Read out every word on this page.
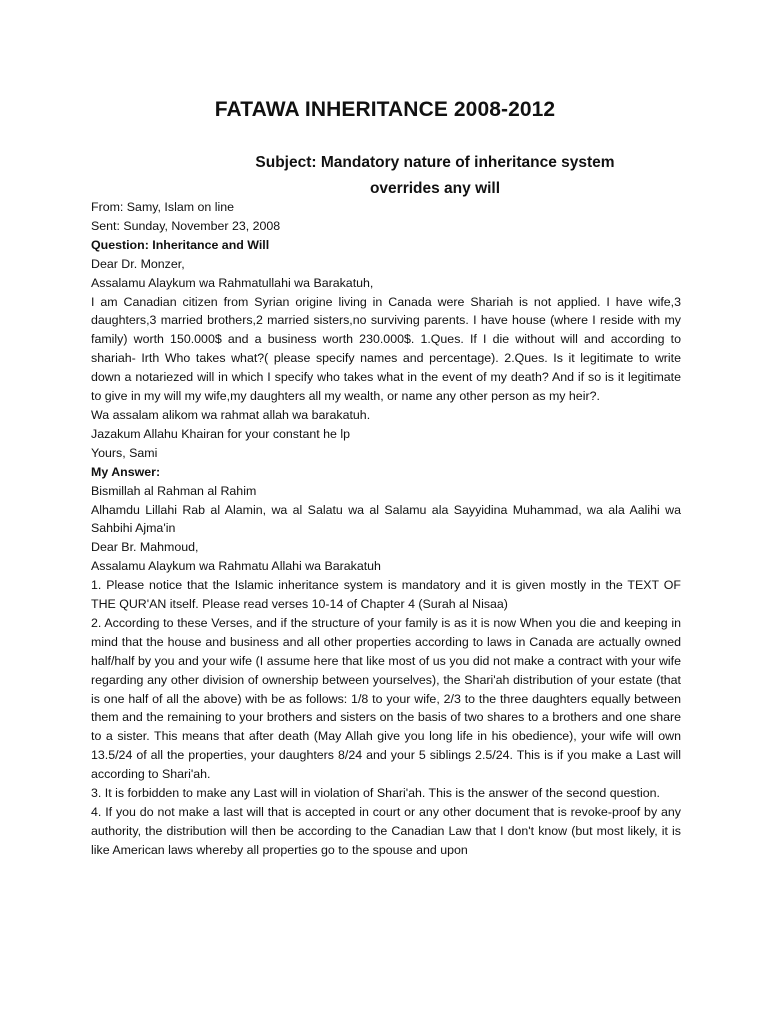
FATAWA INHERITANCE 2008-2012
Subject: Mandatory nature of inheritance system
overrides any will

From: Samy, Islam on line

Sent: Sunday, November 23, 2008

Question: Inheritance and Will

Dear Dr. Monzer,

Assalamu Alaykum wa Rahmatullahi wa Barakatuh,

I am Canadian citizen from Syrian origine living in Canada were Shariah is not applied. I have wife,3 daughters,3 married brothers,2 married sisters,no surviving parents. I have house (where I reside with my family) worth 150.000$ and a business worth 230.000$. 1.Ques. If I die without will and according to shariah- Irth Who takes what?( please specify names and percentage). 2.Ques. Is it legitimate to write down a notariezed will in which I specify who takes what in the event of my death? And if so is it legitimate to give in my will my wife,my daughters all my wealth, or name any other person as my heir?.

Wa assalam alikom wa rahmat allah wa barakatuh.

Jazakum Allahu Khairan for your constant he lp

Yours, Sami

My Answer:

Bismillah al Rahman al Rahim

Alhamdu Lillahi Rab al Alamin, wa al Salatu wa al Salamu ala Sayyidina Muhammad, wa ala Aalihi wa Sahbihi Ajma'in

Dear Br. Mahmoud,

Assalamu Alaykum wa Rahmatu Allahi wa Barakatuh

1. Please notice that the Islamic inheritance system is mandatory and it is given mostly in the TEXT OF THE QUR'AN itself. Please read verses 10-14 of Chapter 4 (Surah al Nisaa)

2. According to these Verses, and if the structure of your family is as it is now When you die and keeping in mind that the house and business and all other properties according to laws in Canada are actually owned half/half by you and your wife (I assume here that like most of us you did not make a contract with your wife regarding any other division of ownership between yourselves), the Shari'ah distribution of your estate (that is one half of all the above) with be as follows: 1/8 to your wife, 2/3 to the three daughters equally between them and the remaining to your brothers and sisters on the basis of two shares to a brothers and one share to a sister. This means that after death (May Allah give you long life in his obedience), your wife will own 13.5/24 of all the properties, your daughters 8/24 and your 5 siblings 2.5/24. This is if you make a Last will according to Shari'ah.

3. It is forbidden to make any Last will in violation of Shari'ah. This is the answer of the second question.

4. If you do not make a last will that is accepted in court or any other document that is revoke-proof by any authority, the distribution will then be according to the Canadian Law that I don't know (but most likely, it is like American laws whereby all properties go to the spouse and upon
